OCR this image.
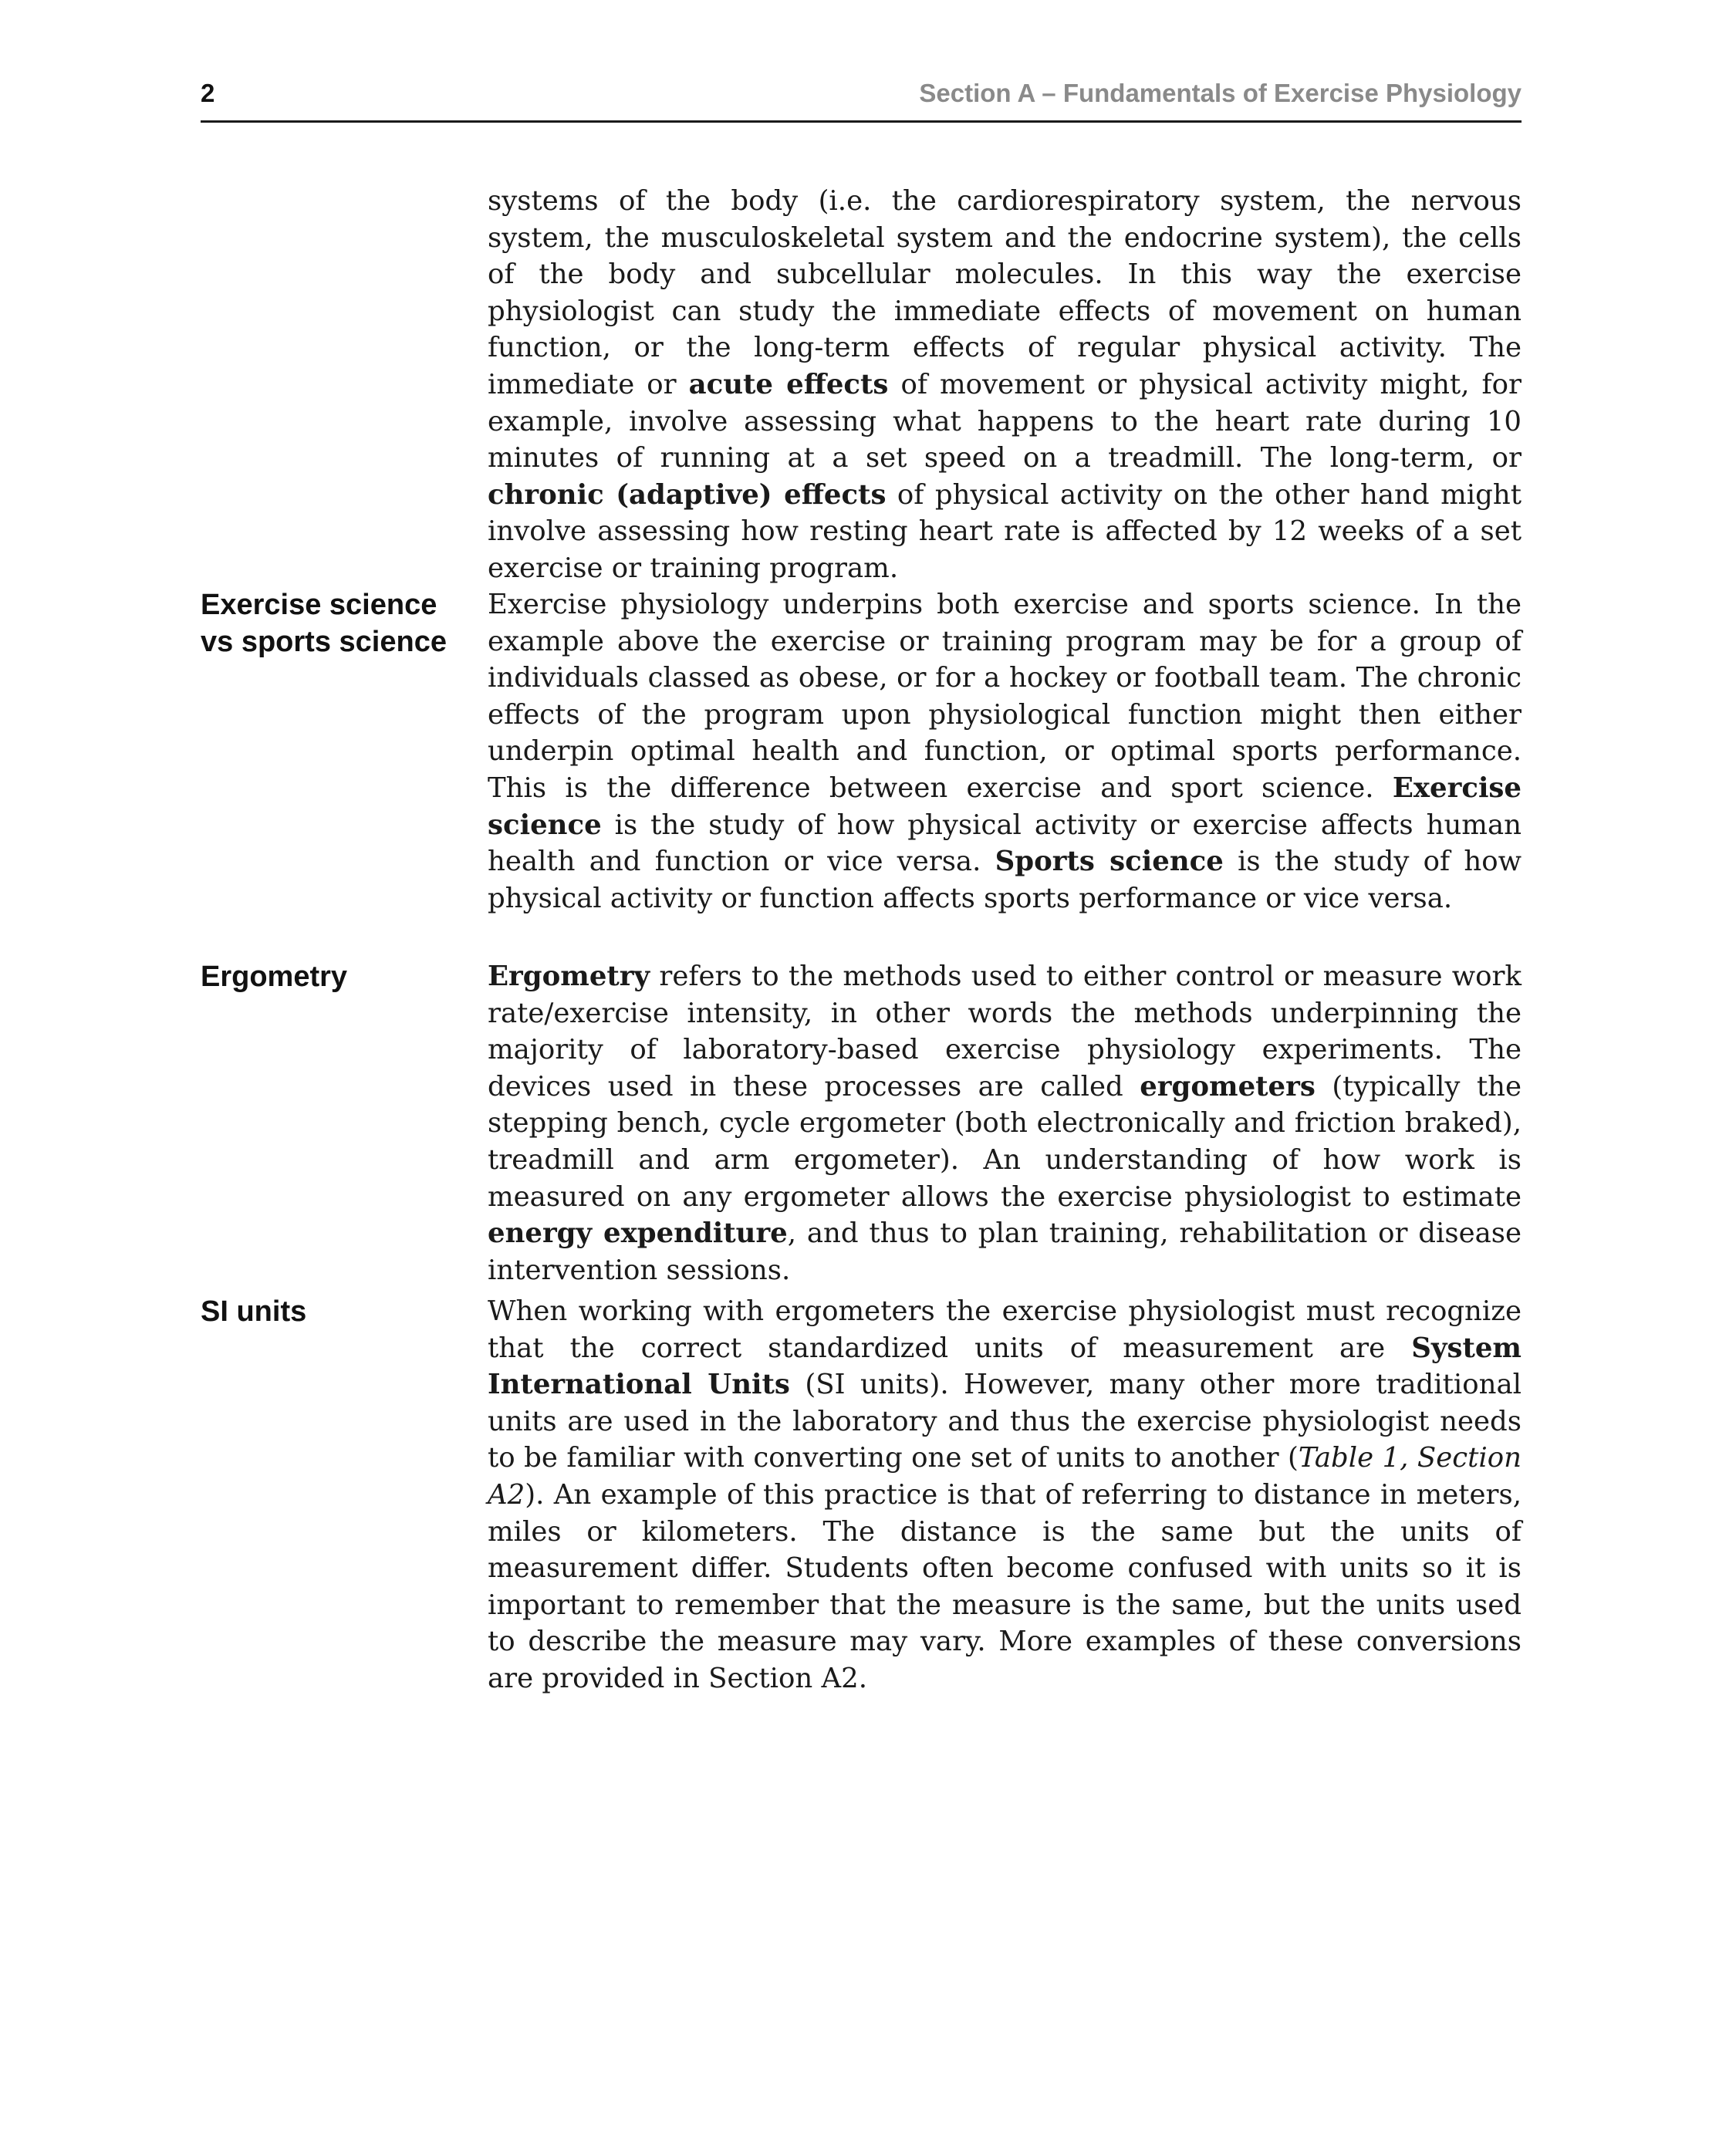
2	Section A – Fundamentals of Exercise Physiology

systems of the body (i.e. the cardiorespiratory system, the nervous system, the musculoskeletal system and the endocrine system), the cells of the body and subcellular molecules. In this way the exercise physiologist can study the immediate effects of movement on human function, or the long-term effects of regular physical activity. The immediate or acute effects of movement or physical activity might, for example, involve assessing what happens to the heart rate during 10 minutes of running at a set speed on a treadmill. The long-term, or chronic (adaptive) effects of physical activity on the other hand might involve assessing how resting heart rate is affected by 12 weeks of a set exercise or training program.

Exercise science vs sports science

Exercise physiology underpins both exercise and sports science. In the example above the exercise or training program may be for a group of individuals classed as obese, or for a hockey or football team. The chronic effects of the program upon physiological function might then either underpin optimal health and function, or optimal sports performance. This is the difference between exercise and sport science. Exercise science is the study of how physical activity or exercise affects human health and function or vice versa. Sports science is the study of how physical activity or function affects sports performance or vice versa.

Ergometry	Ergometry refers to the methods used to either control or measure work rate/exercise intensity, in other words the methods underpinning the majority of laboratory-based exercise physiology experiments. The devices used in these processes are called ergometers (typically the stepping bench, cycle ergometer (both electronically and friction braked), treadmill and arm ergometer). An understanding of how work is measured on any ergometer allows the exercise physiologist to estimate energy expenditure, and thus to plan training, rehabilitation or disease intervention sessions.

SI units	When working with ergometers the exercise physiologist must recognize that the correct standardized units of measurement are System International Units (SI units). However, many other more traditional units are used in the laboratory and thus the exercise physiologist needs to be familiar with converting one set of units to another (Table 1, Section A2). An example of this practice is that of referring to distance in meters, miles or kilometers. The distance is the same but the units of measurement differ. Students often become confused with units so it is important to remember that the measure is the same, but the units used to describe the measure may vary. More examples of these conversions are provided in Section A2.
